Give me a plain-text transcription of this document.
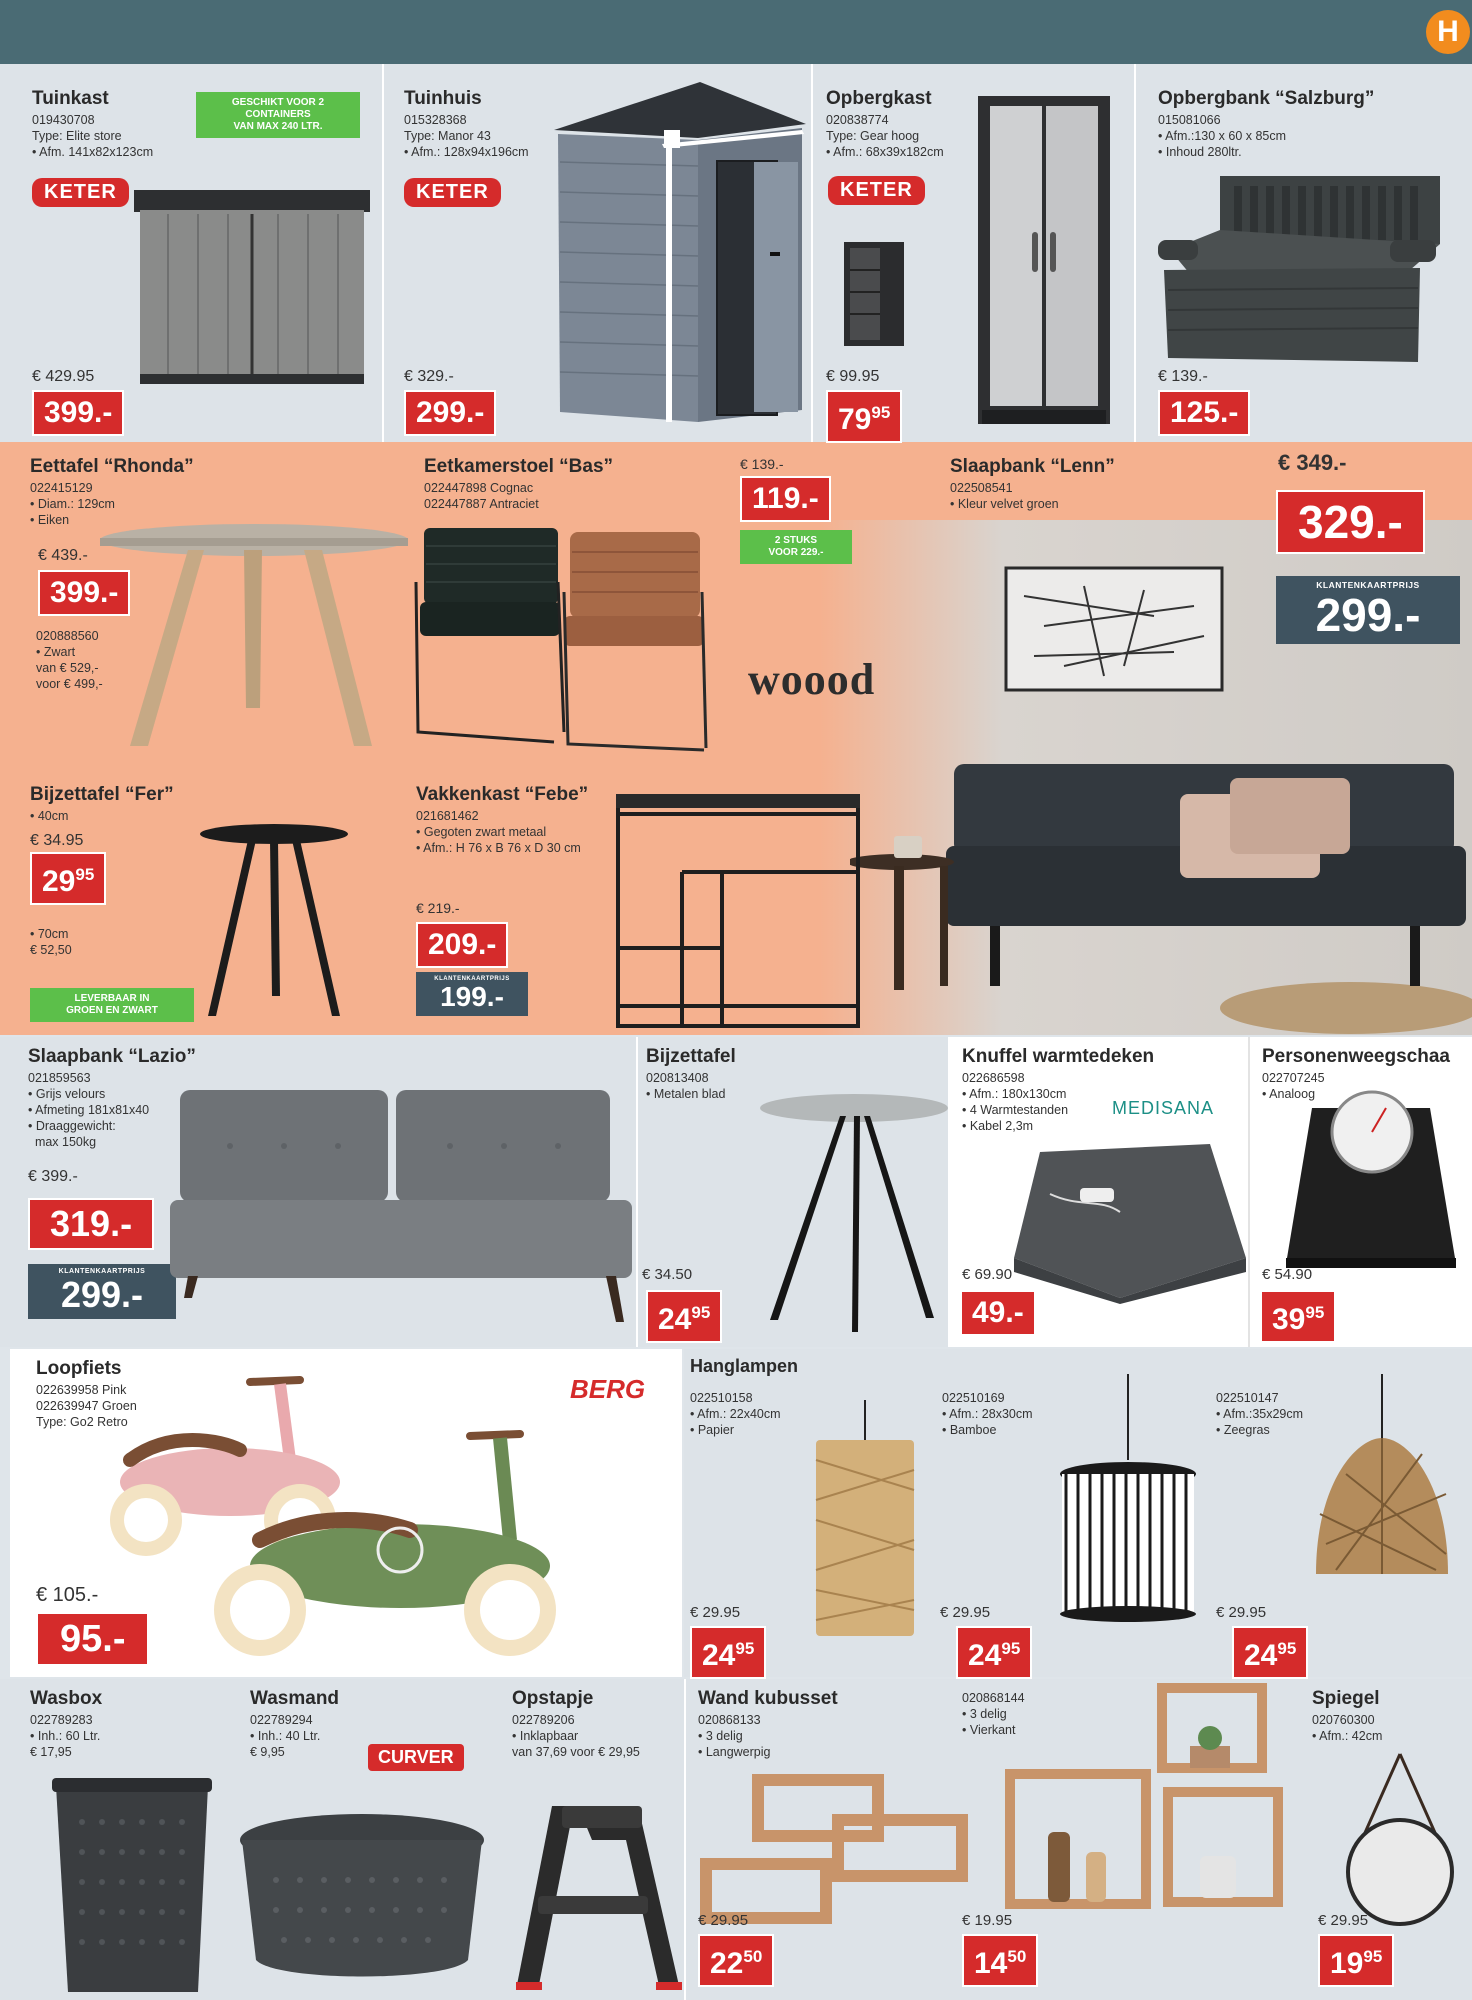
H
Tuinkast
019430708
Type: Elite store
• Afm. 141x82x123cm
GESCHIKT VOOR 2
CONTAINERS
VAN MAX 240 LTR.
KETER
€ 429.95
399.-
Tuinhuis
015328368
Type: Manor 43
• Afm.: 128x94x196cm
KETER
€ 329.-
299.-
Opbergkast
020838774
Type: Gear hoog
• Afm.: 68x39x182cm
KETER
€ 99.95
$79^{95}$
Opbergbank “Salzburg”
015081066
• Afm.:130 x 60 x 85cm
• Inhoud 280ltr.
€ 139.-
125.-
Eettafel “Rhonda”
022415129
• Diam.: 129cm
• Eiken
€ 439.-
399.-
020888560
• Zwart
van € 529,-
voor € 499,-
Eetkamerstoel “Bas”
022447898 Cognac
022447887 Antraciet
€ 139.-
119.-
2 STUKS
VOOR 229.-
woood
Slaapbank “Lenn”
022508541
• Kleur velvet groen
€ 349.-
329.-
KLANTENKAARTPRIJS
299.-
Bijzettafel “Fer”
• 40cm
€ 34.95
$29^{95}$
• 70cm
€ 52,50
LEVERBAAR IN
GROEN EN ZWART
Vakkenkast “Febe”
021681462
• Gegoten zwart metaal
• Afm.: H 76 x B 76 x D 30 cm
€ 219.-
209.-
KLANTENKAARTPRIJS
199.-
Slaapbank “Lazio”
021859563
• Grijs velours
• Afmeting 181x81x40
• Draaggewicht:
max 150kg
€ 399.-
319.-
KLANTENKAARTPRIJS
299.-
Bijzettafel
020813408
• Metalen blad
€ 34.50
$24^{95}$
Knuffel warmtedeken
022686598
• Afm.: 180x130cm
• 4 Warmtestanden
• Kabel 2,3m
MEDISANA
€ 69.90
49.-
Personenweegschaa
022707245
• Analoog
€ 54.90
$39^{95}$
Loopfiets
022639958 Pink
022639947 Groen
Type: Go2 Retro
BERG
€ 105.-
95.-
Hanglampen
022510158
• Afm.: 22x40cm
• Papier
022510169
• Afm.: 28x30cm
• Bamboe
022510147
• Afm.:35x29cm
• Zeegras
€ 29.95
$24^{95}$
€ 29.95
$24^{95}$
€ 29.95
$24^{95}$
Wasbox
022789283
• Inh.: 60 Ltr.
€ 17,95
Wasmand
022789294
• Inh.: 40 Ltr.
€ 9,95	CURVER
Opstapje
022789206
• Inklapbaar
van 37,69 voor € 29,95
Wand kubusset
020868133
• 3 delig
• Langwerpig
020868144
• 3 delig
• Vierkant
€ 29.95
$22^{50}$
€ 19.95
$14^{50}$
Spiegel
020760300
• Afm.: 42cm
€ 29.95
$19^{95}$
